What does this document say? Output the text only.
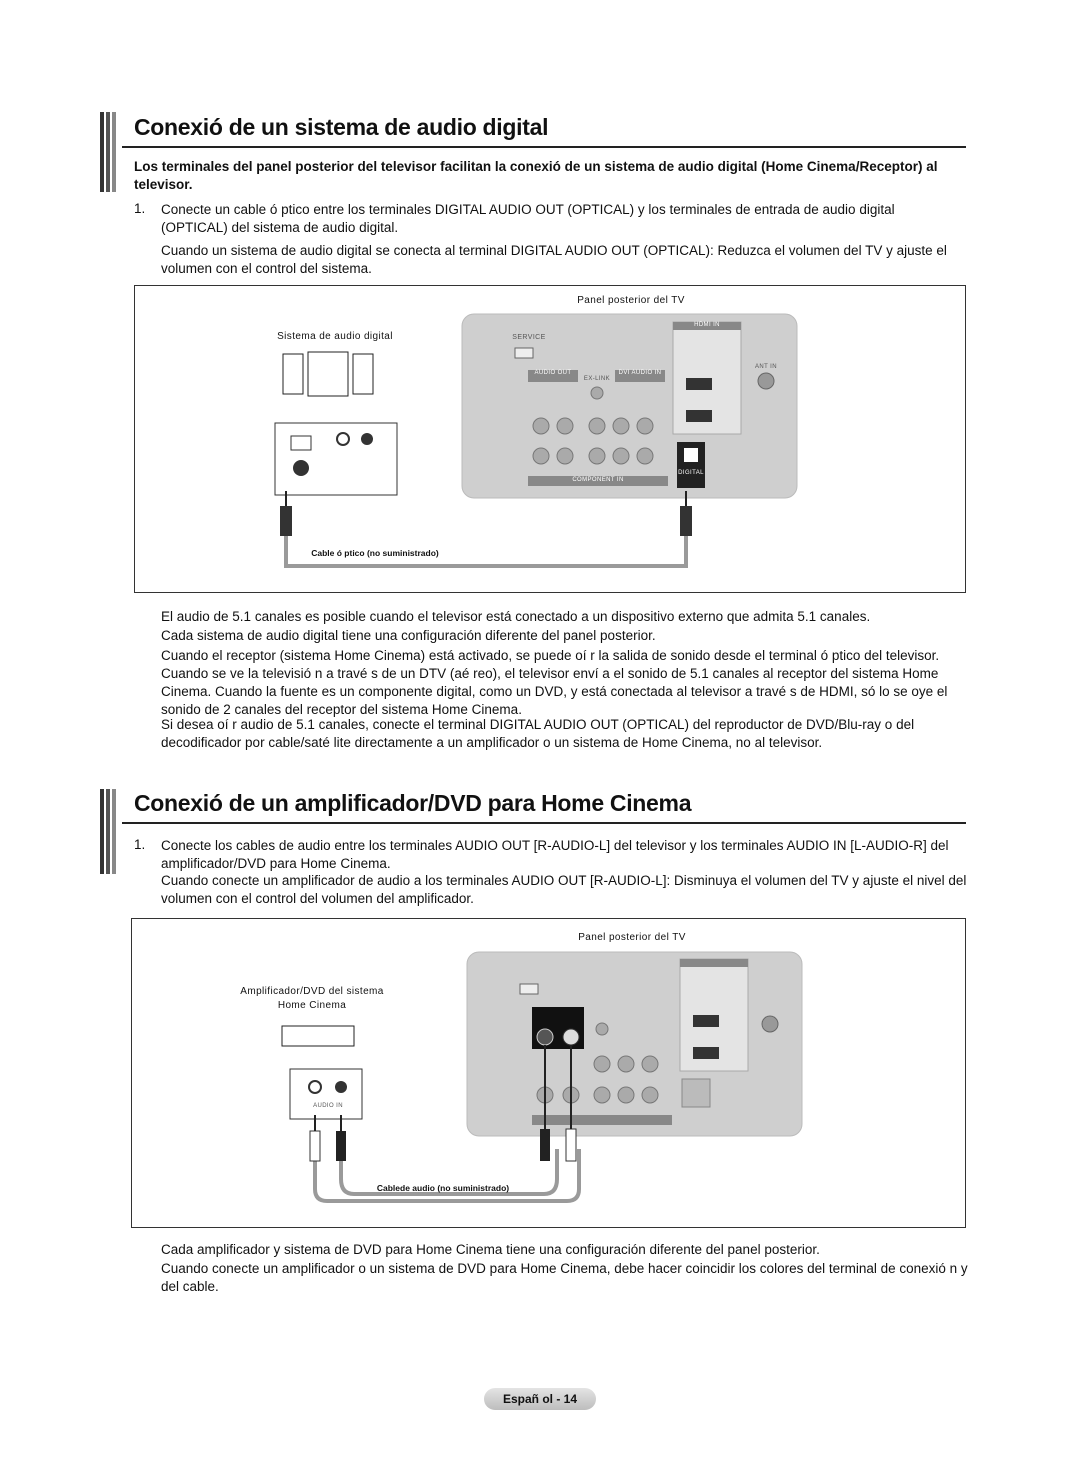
Conexió de un sistema de audio digital
Los terminales del panel posterior del televisor facilitan la conexió de un sistema de audio digital (Home Cinema/Receptor) al televisor.
1. Conecte un cable ó ptico entre los terminales DIGITAL AUDIO OUT (OPTICAL) y los terminales de entrada de audio digital (OPTICAL) del sistema de audio digital.
Cuando un sistema de audio digital se conecta al terminal DIGITAL AUDIO OUT (OPTICAL): Reduzca el volumen del TV y ajuste el volumen con el control del sistema.
Panel posterior del TV
Sistema de audio digital	SERVICE
HDMI IN
ANT IN
AUDIO OUT
EX-LINK
DVI AUDIO IN
COMPONENT IN
DIGITAL
Cable ó ptico (no suministrado)
El audio de 5.1 canales es posible cuando el televisor está conectado a un dispositivo externo que admita 5.1 canales.
Cada sistema de audio digital tiene una configuración diferente del panel posterior.
Cuando el receptor (sistema Home Cinema) está activado, se puede oí r la salida de sonido desde el terminal ó ptico del televisor. Cuando se ve la televisió n a travé s de un DTV (aé reo), el televisor enví a el sonido de 5.1 canales al receptor del sistema Home Cinema. Cuando la fuente es un componente digital, como un DVD, y está conectada al televisor a travé s de HDMI, só lo se oye el sonido de 2 canales del receptor del sistema Home Cinema.
Si desea oí r audio de 5.1 canales, conecte el terminal DIGITAL AUDIO OUT (OPTICAL) del reproductor de DVD/Blu-ray o del decodificador por cable/saté lite directamente a un amplificador o un sistema de Home Cinema, no al televisor.
Conexió de un amplificador/DVD para Home Cinema
1. Conecte los cables de audio entre los terminales AUDIO OUT [R-AUDIO-L] del televisor y los terminales AUDIO IN [L-AUDIO-R] del amplificador/DVD para Home Cinema.
Cuando conecte un amplificador de audio a los terminales AUDIO OUT [R-AUDIO-L]: Disminuya el volumen del TV y ajuste el nivel del volumen con el control del volumen del amplificador.
Panel posterior del TV
Amplificador/DVD del sistema
Home Cinema
AUDIO IN
Cablede audio (no suministrado)
Cada amplificador y sistema de DVD para Home Cinema tiene una configuración diferente del panel posterior.
Cuando conecte un amplificador o un sistema de DVD para Home Cinema, debe hacer coincidir los colores del terminal de conexió n y del cable.
Españ ol - 14
